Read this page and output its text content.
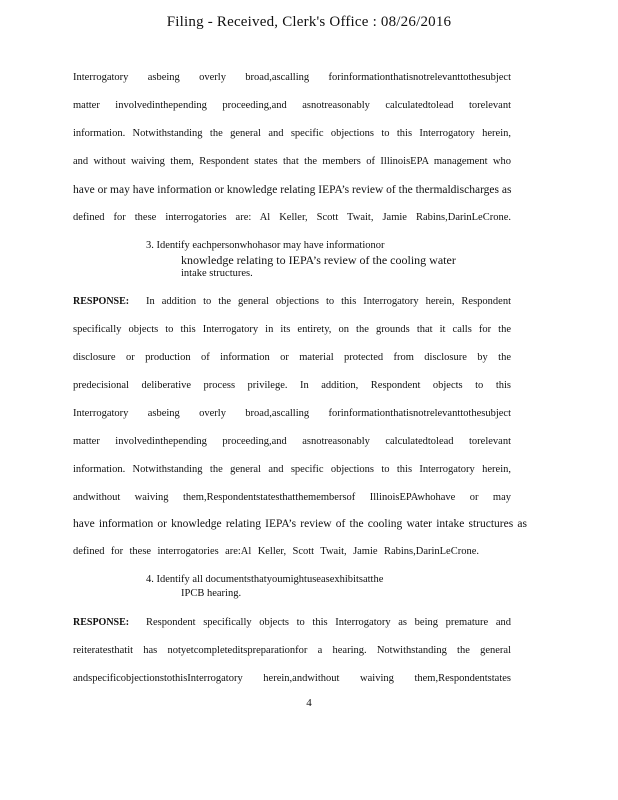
Filing - Received, Clerk's Office : 08/26/2016
Interrogatory asbeing overly broad,ascalling forinformationthatisnotrelevanttothesubject
matter involvedinthepending proceeding,and asnotreasonably calculatedtolead torelevant
information. Notwithstanding the general and specific objections to this Interrogatory herein,
and without waiving them, Respondent states that the members of IllinoisEPA management who
have or may have information or knowledge relating IEPA’s review of the thermaldischarges as
defined for these interrogatories are: Al Keller, Scott Twait, Jamie Rabins,DarinLeCrone.
3. Identify eachpersonwhohasor may have informationor
knowledge relating to IEPA’s review of the cooling water
intake structures.
RESPONSE: In addition to the general objections to this Interrogatory herein, Respondent
specifically objects to this Interrogatory in its entirety, on the grounds that it calls for the
disclosure or production of information or material protected from disclosure by the
predecisional deliberative process privilege. In addition, Respondent objects to this
Interrogatory asbeing overly broad,ascalling forinformationthatisnotrelevanttothesubject
matter involvedinthepending proceeding,and asnotreasonably calculatedtolead torelevant
information. Notwithstanding the general and specific objections to this Interrogatory herein,
andwithout waiving them,Respondentstatesthatthemembersof IllinoisEPAwhohave or may
have information or knowledge relating IEPA’s review of the cooling water intake structures as
defined for these interrogatories are:Al Keller, Scott Twait, Jamie Rabins,DarinLeCrone.
4. Identify all documentsthatyoumightuseasexhibitsatthe
IPCB hearing.
RESPONSE: Respondent specifically objects to this Interrogatory as being premature and
reiteratesthatit has notyetcompleteditspreparationfor a hearing. Notwithstanding the general
andspecificobjectionstothisInterrogatory herein,andwithout waiving them,Respondentstates
4
